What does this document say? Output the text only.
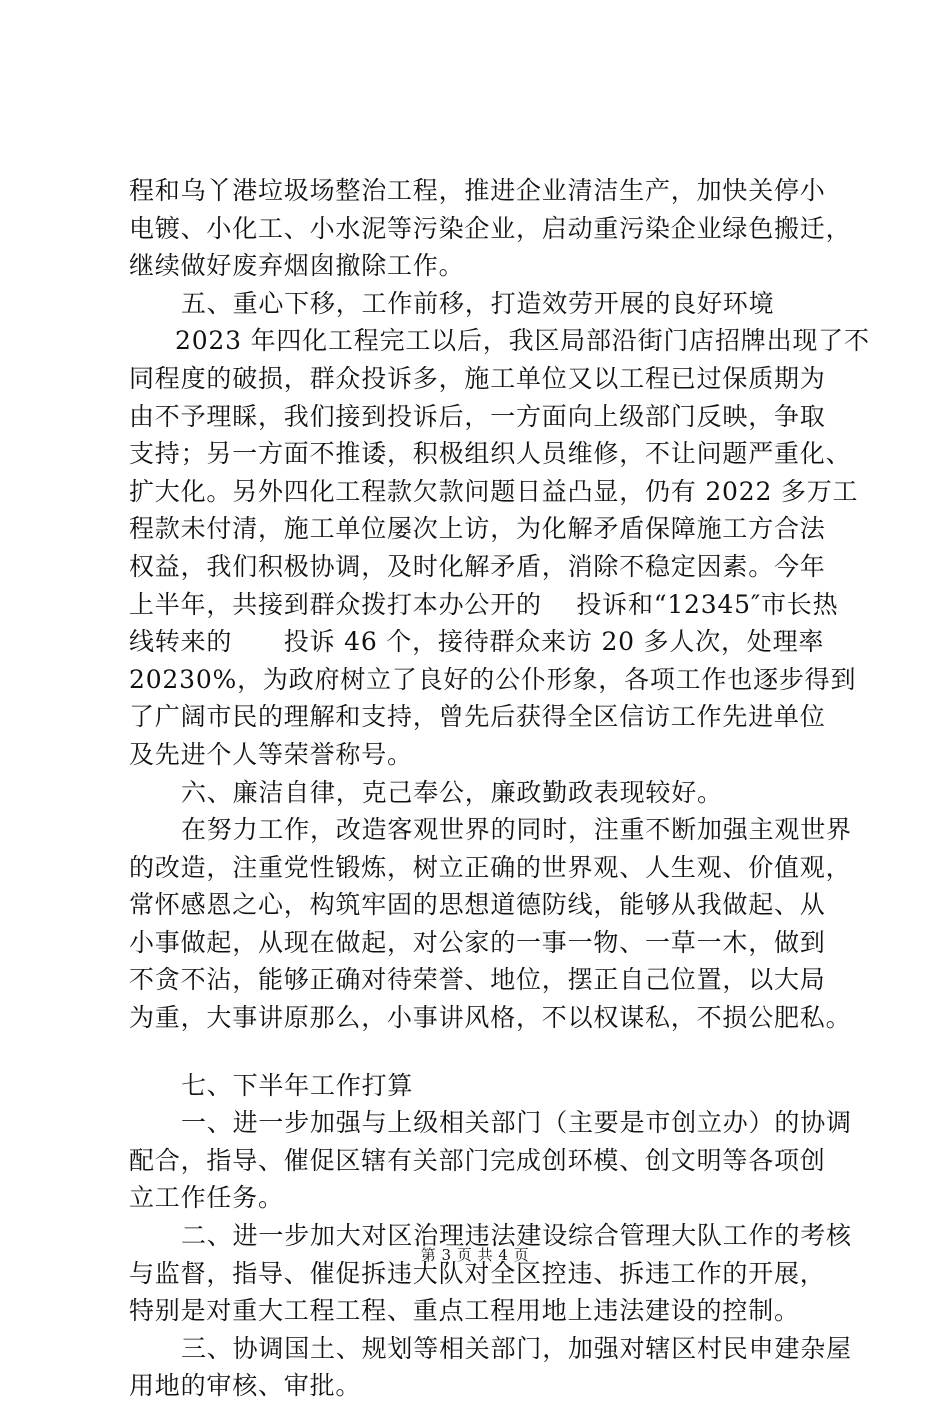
程和乌丫港垃圾场整治工程，推进企业清洁生产，加快关停小
电镀、小化工、小水泥等污染企业，启动重污染企业绿色搬迁，
继续做好废弃烟囱撤除工作。
五、重心下移，工作前移，打造效劳开展的良好环境
2023 年四化工程完工以后，我区局部沿街门店招牌出现了不
同程度的破损，群众投诉多，施工单位又以工程已过保质期为
由不予理睬，我们接到投诉后，一方面向上级部门反映，争取
支持；另一方面不推诿，积极组织人员维修，不让问题严重化、
扩大化。另外四化工程款欠款问题日益凸显，仍有 2022 多万工
程款未付清，施工单位屡次上访，为化解矛盾保障施工方合法
权益，我们积极协调，及时化解矛盾，消除不稳定因素。今年
上半年，共接到群众拨打本办公开的　 投诉和“12345″市长热
线转来的　　投诉 46 个，接待群众来访 20 多人次，处理率
20230%，为政府树立了良好的公仆形象，各项工作也逐步得到
了广阔市民的理解和支持，曾先后获得全区信访工作先进单位
及先进个人等荣誉称号。
六、廉洁自律，克己奉公，廉政勤政表现较好。
在努力工作，改造客观世界的同时，注重不断加强主观世界
的改造，注重党性锻炼，树立正确的世界观、人生观、价值观，
常怀感恩之心，构筑牢固的思想道德防线，能够从我做起、从
小事做起，从现在做起，对公家的一事一物、一草一木，做到
不贪不沾，能够正确对待荣誉、地位，摆正自己位置，以大局
为重，大事讲原那么，小事讲风格，不以权谋私，不损公肥私。
七、下半年工作打算
一、进一步加强与上级相关部门（主要是市创立办）的协调
配合，指导、催促区辖有关部门完成创环模、创文明等各项创
立工作任务。
二、进一步加大对区治理违法建设综合管理大队工作的考核
与监督，指导、催促拆违大队对全区控违、拆违工作的开展，
特别是对重大工程工程、重点工程用地上违法建设的控制。
三、协调国土、规划等相关部门，加强对辖区村民申建杂屋
用地的审核、审批。
第 3 页 共 4 页
